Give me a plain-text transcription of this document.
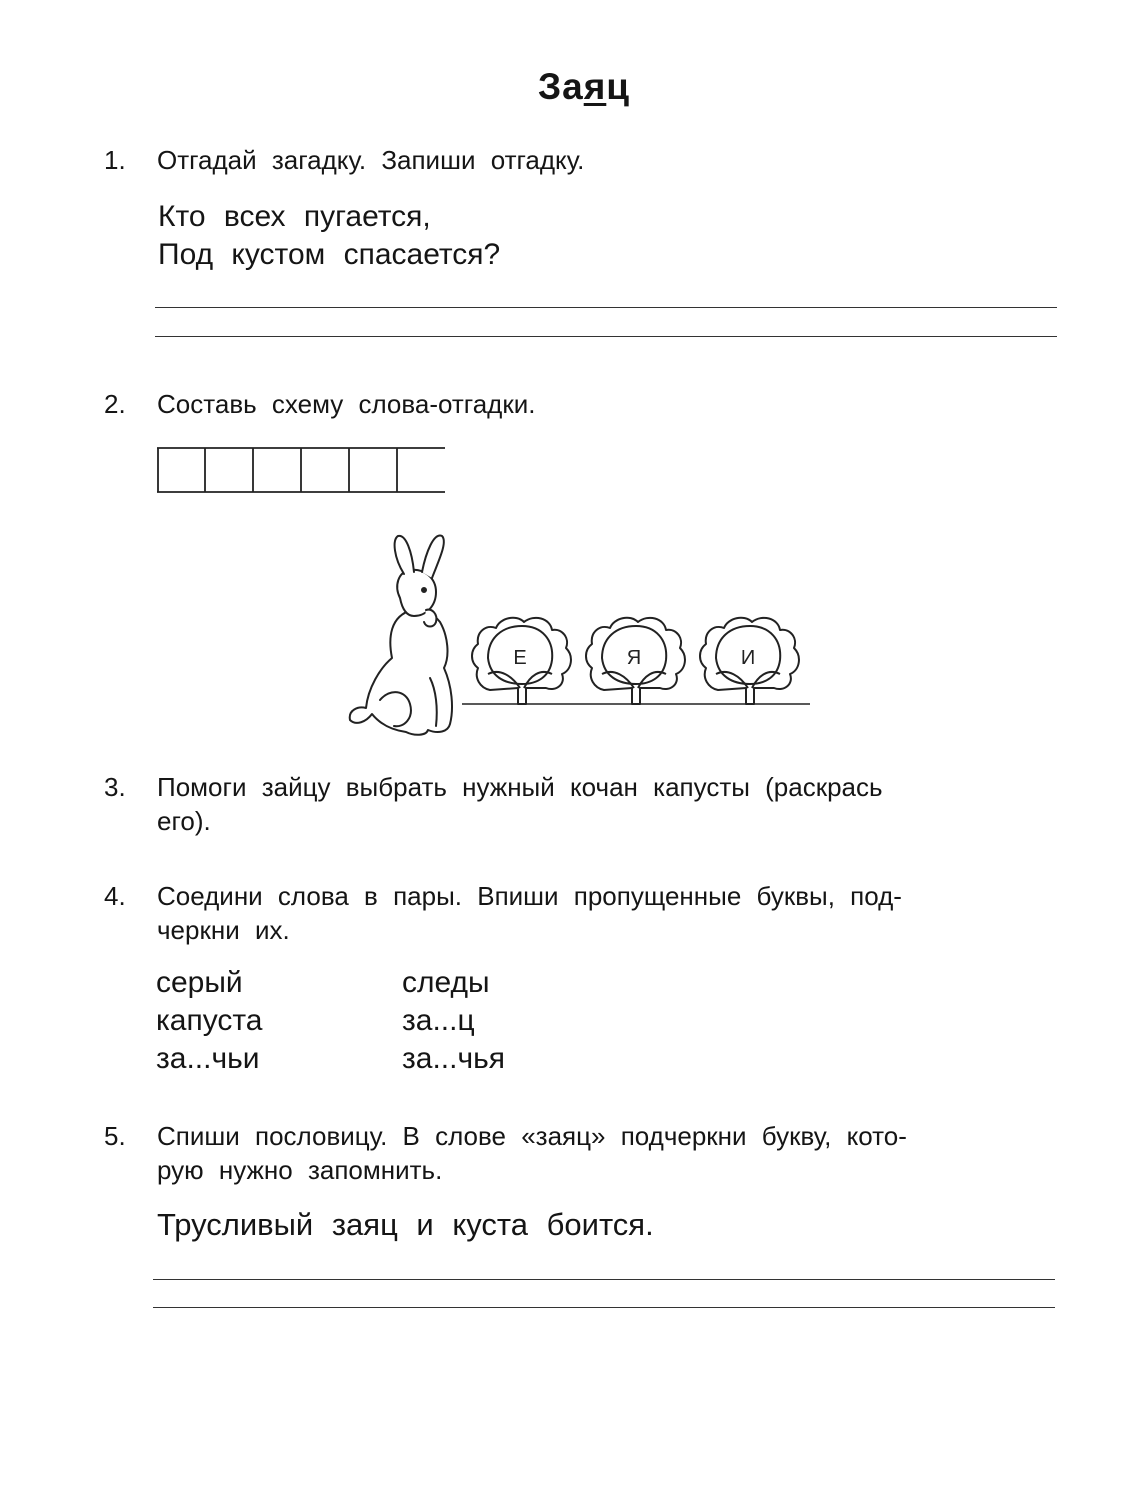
Заяц
1. Отгадай загадку. Запиши отгадку.
Кто всех пугается,
Под кустом спасается?
2. Составь схему слова-отгадки.
Е	Я	И
3. Помоги зайцу выбрать нужный кочан капусты (раскрась
его).
4. Соедини слова в пары. Впиши пропущенные буквы, под-
черкни их.
серый
капуста
за...чьи
следы
за...ц
за...чья
5. Спиши пословицу. В слове «заяц» подчеркни букву, кото-
рую нужно запомнить.
Трусливый заяц и куста боится.
